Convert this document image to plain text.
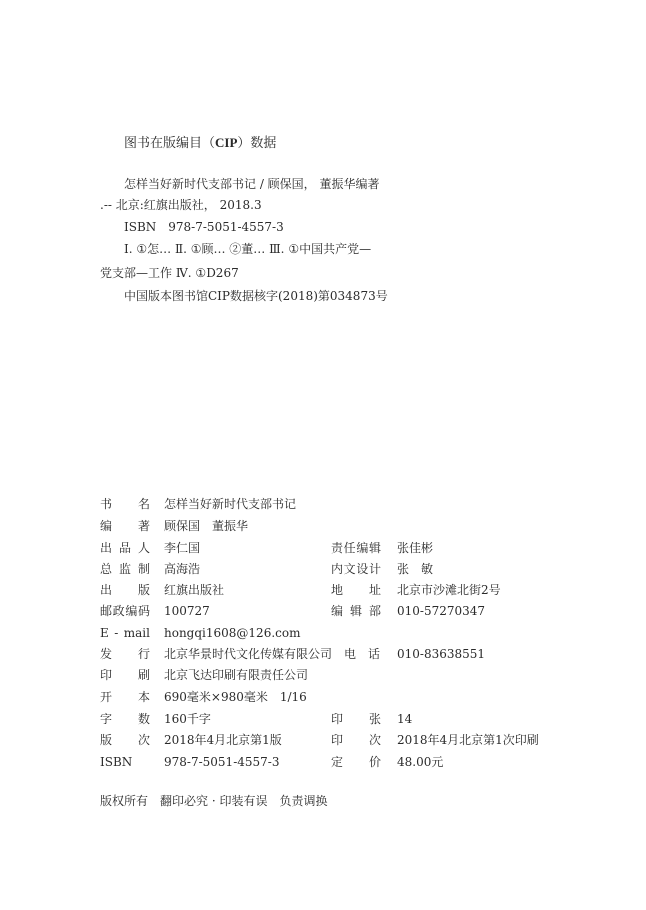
图书在版编目（CIP）数据
怎样当好新时代支部书记 / 顾保国， 董振华编著
.-- 北京:红旗出版社， 2018.3
ISBN　978-7-5051-4557-3
Ⅰ. ①怎… Ⅱ. ①顾… ②董… Ⅲ. ①中国共产党—
党支部—工作 Ⅳ. ①D267
中国版本图书馆CIP数据核字(2018)第034873号
书 名 怎样当好新时代支部书记
编 著 顾保国　董振华
出 品 人 李仁国	责 任 编 辑 张佳彬
总 监 制 高海浩	内 文 设 计 张　敏
出 版 红旗出版社	地 址 北京市沙滩北街2号
邮 政 编 码 100727	编 辑 部 010-57270347
E - mail hongqi1608@126.com
发 行 北京华景时代文化传媒有限公司 电 话 010-83638551
印 刷 北京飞达印刷有限责任公司
开 本 690毫米×980毫米　1/16
字 数 160千字	印 张 14
版 次 2018年4月北京第1版	印 次 2018年4月北京第1次印刷
ISBN	978-7-5051-4557-3	定 价 48.00元
版权所有　翻印必究 · 印装有误　负责调换
